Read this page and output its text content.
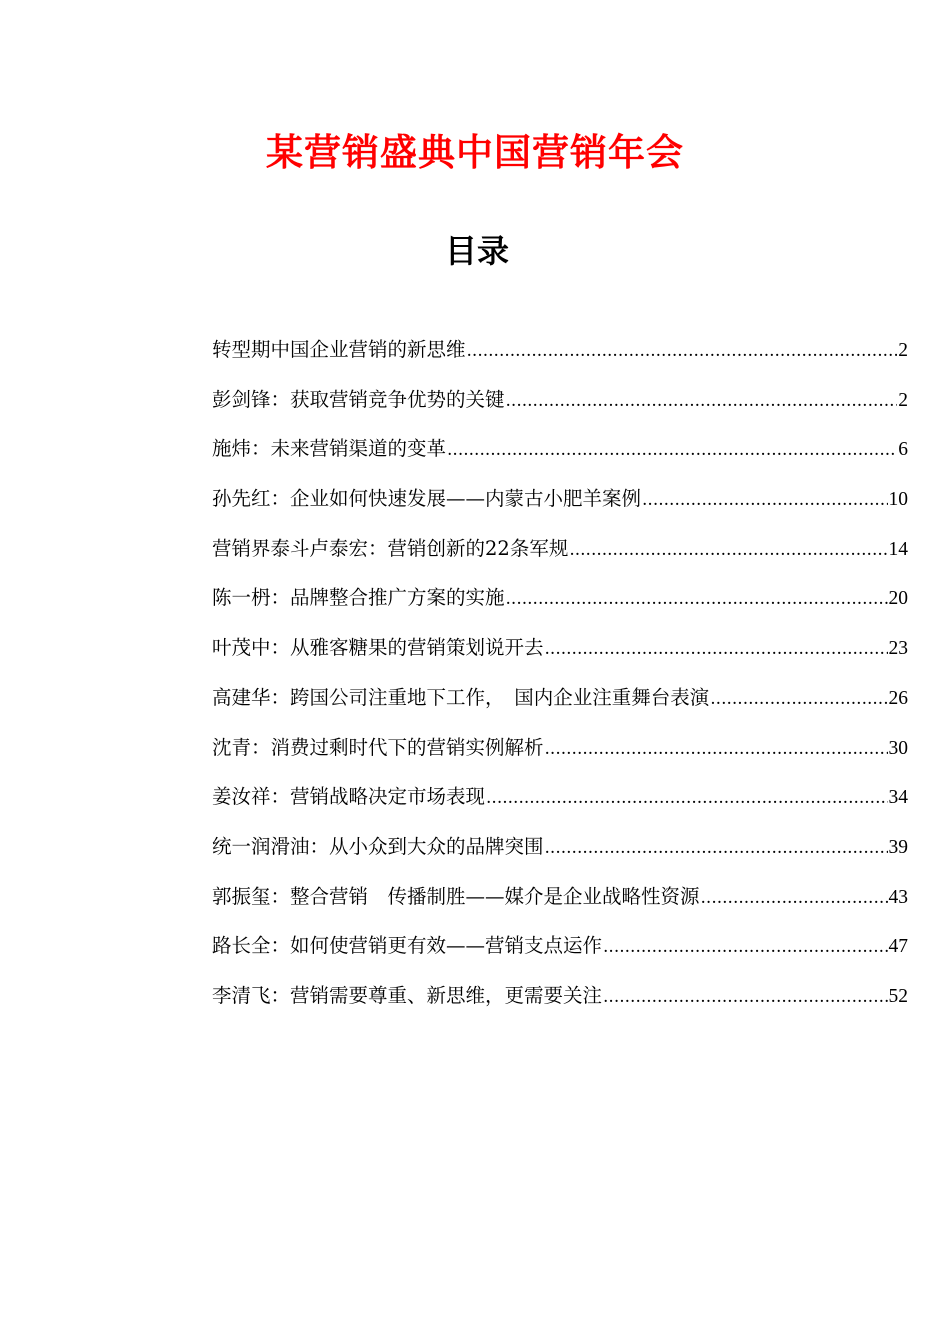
某营销盛典中国营销年会
目录
转型期中国企业营销的新思维 .....	2
彭剑锋：获取营销竞争优势的关键 .....	2
施炜：未来营销渠道的变革 .....	6
孙先红：企业如何快速发展——内蒙古小肥羊案例 .....	10
营销界泰斗卢泰宏：营销创新的22条军规 .....	14
陈一枬：品牌整合推广方案的实施 .....	20
叶茂中：从雅客糖果的营销策划说开去 .....	23
高建华：跨国公司注重地下工作，　国内企业注重舞台表演 .....	26
沈青：消费过剩时代下的营销实例解析 .....	30
姜汝祥：营销战略决定市场表现 .....	34
统一润滑油：从小众到大众的品牌突围 .....	39
郭振玺：整合营销　传播制胜——媒介是企业战略性资源 .....	43
路长全：如何使营销更有效——营销支点运作 .....	47
李清飞：营销需要尊重、新思维，更需要关注 .....	52
